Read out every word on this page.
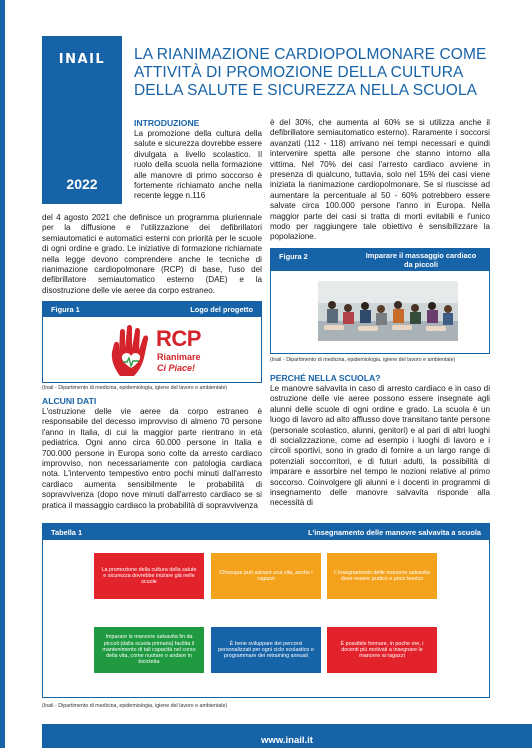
INAIL
2022
LA RIANIMAZIONE CARDIOPOLMONARE COME ATTIVITÀ DI PROMOZIONE DELLA CULTURA DELLA SALUTE E SICUREZZA NELLA SCUOLA
INTRODUZIONE

La promozione della cultura della salute e sicurezza dovrebbe essere divulgata a livello scolastico. Il ruolo della scuola nella formazione alle manovre di primo soccorso è fortemente richiamato anche nella recente legge n.116

del 4 agosto 2021 che definisce un programma pluriennale per la diffusione e l'utilizzazione dei defibrillatori semiautomatici e automatici esterni con priorità per le scuole di ogni ordine e grado. Le iniziative di formazione richiamate nella legge devono comprendere anche le tecniche di rianimazione cardiopolmonare (RCP) di base, l'uso del defibrillatore semiautomatico esterno (DAE) e la disostruzione delle vie aeree da corpo estraneo.

è del 30%, che aumenta al 60% se si utilizza anche il defibrillatore semiautomatico esterno). Raramente i soccorsi avanzati (112 - 118) arrivano nei tempi necessari e quindi intervenire spetta alle persone che stanno intorno alla vittima. Nel 70% dei casi l'arresto cardiaco avviene in presenza di qualcuno, tuttavia, solo nel 15% dei casi viene iniziata la rianimazione cardiopolmonare. Se si riuscisse ad aumentare la percentuale al 50 - 60% potrebbero essere salvate circa 100.000 persone l'anno in Europa. Nella maggior parte dei casi si tratta di morti evitabili e l'unico modo per raggiungere tale obiettivo è sensibilizzare la popolazione.

Figura 1	Logo del progetto
RCP
Rianimare
Ci Piace!
(Inail - Dipartimento di medicina, epidemiologia, igiene del lavoro e ambientale)
ALCUNI DATI

L'ostruzione delle vie aeree da corpo estraneo è responsabile del decesso improvviso di almeno 70 persone l'anno in Italia, di cui la maggior parte rientrano in età pediatrica. Ogni anno circa 60.000 persone in Italia e 700.000 persone in Europa sono colte da arresto cardiaco improvviso, non necessariamente con patologia cardiaca nota. L'intervento tempestivo entro pochi minuti dall'arresto cardiaco aumenta sensibilmente le probabilità di sopravvivenza (dopo nove minuti dall'arresto cardiaco se si pratica il massaggio cardiaco la probabilità di sopravvivenza

Figura 2	Imparare il massaggio cardiaco da piccoli
(Inail - Dipartimento di medicina, epidemiologia, igiene del lavoro e ambientale)
PERCHÉ NELLA SCUOLA?

Le manovre salvavita in caso di arresto cardiaco e in caso di ostruzione delle vie aeree possono essere insegnate agli alunni delle scuole di ogni ordine e grado. La scuola è un luogo di lavoro ad alto afflusso dove transitano tante persone (personale scolastico, alunni, genitori) e al pari di altri luoghi di socializzazione, come ad esempio i luoghi di lavoro e i circoli sportivi, sono in grado di fornire a un largo range di potenziali soccorritori, e di futuri adulti, la possibilità di imparare e assorbire nel tempo le nozioni relative al primo soccorso. Coinvolgere gli alunni e i docenti in programmi di insegnamento delle manovre salvavita risponde alla necessità di

Tabella 1	L'insegnamento delle manovre salvavita a scuola
La promozione della cultura della salute e sicurezza dovrebbe iniziare già nelle scuole
Chiunque può salvare una vita, anche i ragazzi
L'insegnamento delle manovre salvavita deve essere pratico e poco teorico
Imparare le manovre salvavita fin da piccoli (dalla scuola primaria) facilita il mantenimento di tali capacità nel corso della vita, come nuotare o andare in bicicletta
È bene sviluppare dei percorsi personalizzati per ogni ciclo scolastico e programmare dei retraining annuali
È possibile formare, in poche ore, i docenti più motivati a insegnare le manovre ai ragazzi
(Inail - Dipartimento di medicina, epidemiologia, igiene del lavoro e ambientale)
www.inail.it
